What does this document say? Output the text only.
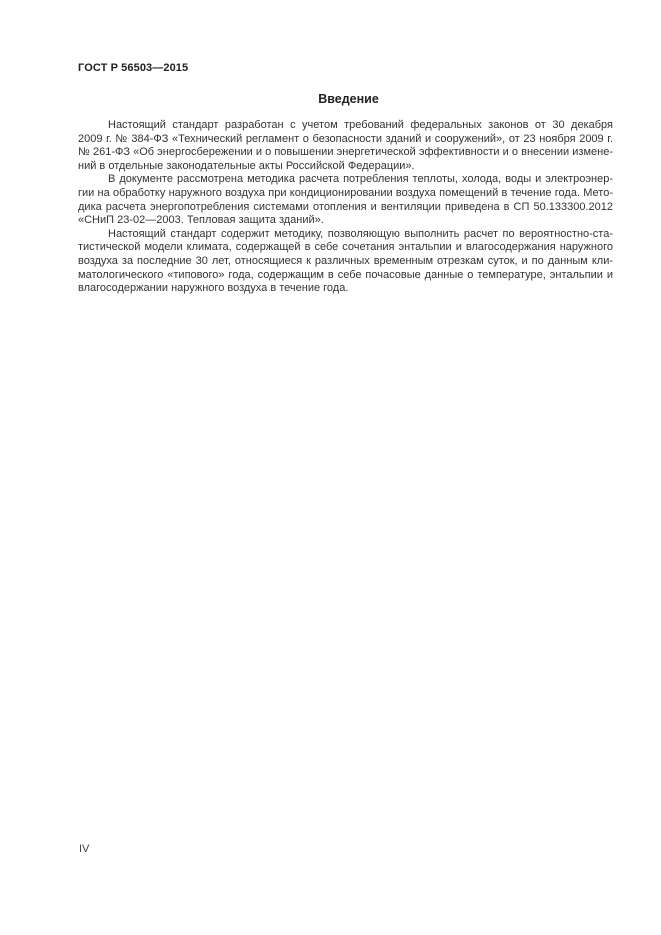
ГОСТ Р 56503—2015
Введение
Настоящий стандарт разработан с учетом требований федеральных законов от 30 декабря
2009 г. № 384-ФЗ «Технический регламент о безопасности зданий и сооружений», от 23 ноября 2009 г.
№ 261-ФЗ «Об энергосбережении и о повышении энергетической эффективности и о внесении измене-
ний в отдельные законодательные акты Российской Федерации».
В документе рассмотрена методика расчета потребления теплоты, холода, воды и электроэнер-
гии на обработку наружного воздуха при кондиционировании воздуха помещений в течение года. Мето-
дика расчета энергопотребления системами отопления и вентиляции приведена в СП 50.133300.2012
«СНиП 23-02—2003. Тепловая защита зданий».
Настоящий стандарт содержит методику, позволяющую выполнить расчет по вероятностно-ста-
тистической модели климата, содержащей в себе сочетания энтальпии и влагосодержания наружного
воздуха за последние 30 лет, относящиеся к различных временным отрезкам суток, и по данным кли-
матологического «типового» года, содержащим в себе почасовые данные о температуре, энтальпии и
влагосодержании наружного воздуха в течение года.
IV
